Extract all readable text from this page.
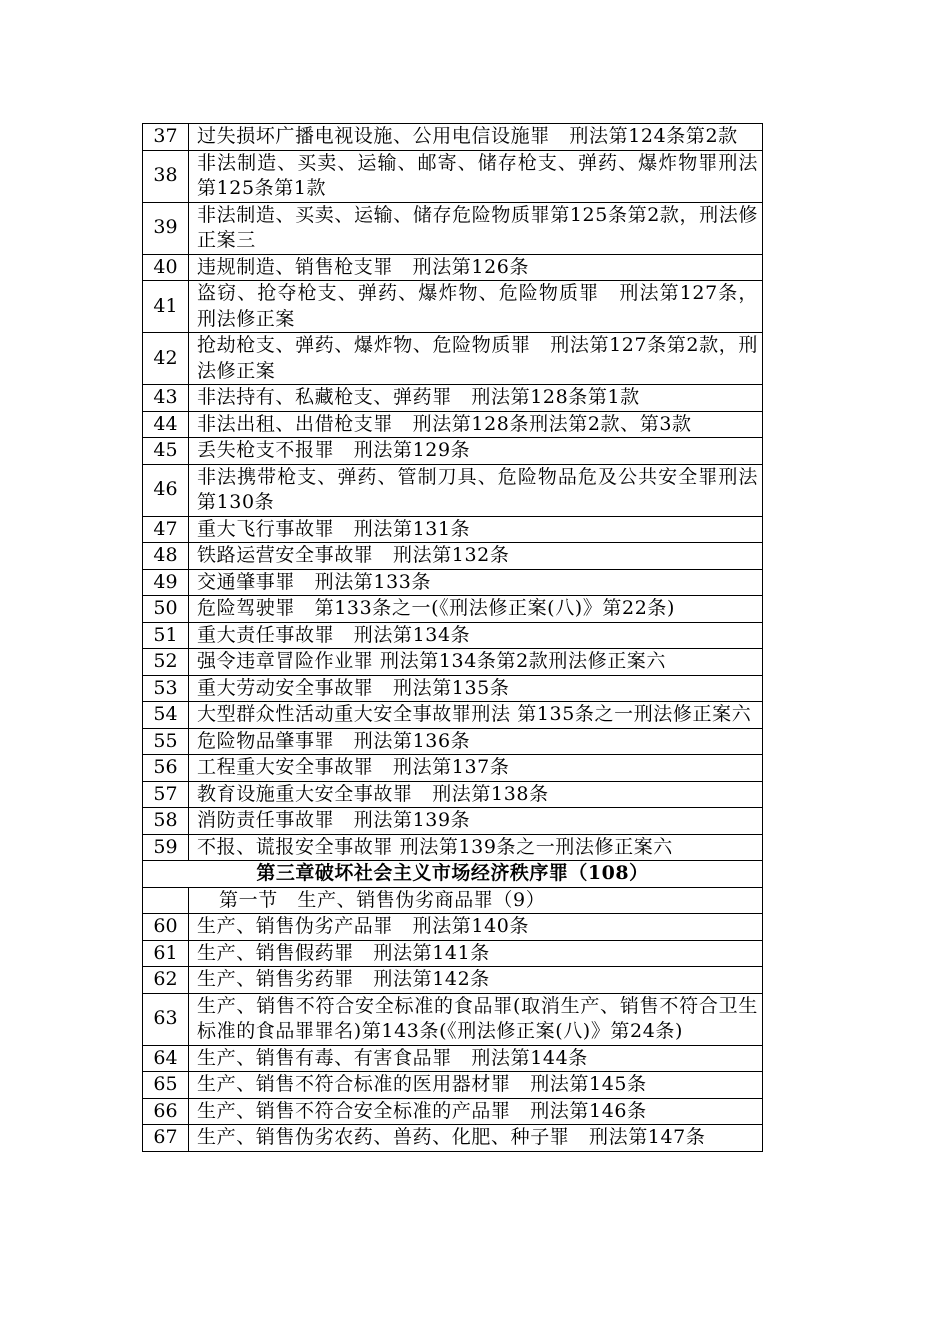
37	过失损坏广播电视设施、公用电信设施罪　刑法第124条第2款
38	非法制造、买卖、运输、邮寄、储存枪支、弹药、爆炸物罪刑法第125条第1款
39	非法制造、买卖、运输、储存危险物质罪第125条第2款，刑法修正案三
40	违规制造、销售枪支罪　刑法第126条
41	盗窃、抢夺枪支、弹药、爆炸物、危险物质罪　刑法第127条，刑法修正案
42	抢劫枪支、弹药、爆炸物、危险物质罪　刑法第127条第2款，刑法修正案
43	非法持有、私藏枪支、弹药罪　刑法第128条第1款
44	非法出租、出借枪支罪　刑法第128条刑法第2款、第3款
45	丢失枪支不报罪　刑法第129条
46	非法携带枪支、弹药、管制刀具、危险物品危及公共安全罪刑法第130条
47	重大飞行事故罪　刑法第131条
48	铁路运营安全事故罪　刑法第132条
49	交通肇事罪　刑法第133条
50	危险驾驶罪　第133条之一(《刑法修正案(八)》第22条)
51	重大责任事故罪　刑法第134条
52	强令违章冒险作业罪 刑法第134条第2款刑法修正案六
53	重大劳动安全事故罪　刑法第135条
54	大型群众性活动重大安全事故罪刑法 第135条之一刑法修正案六
55	危险物品肇事罪　刑法第136条
56	工程重大安全事故罪　刑法第137条
57	教育设施重大安全事故罪　刑法第138条
58	消防责任事故罪　刑法第139条
59	不报、谎报安全事故罪 刑法第139条之一刑法修正案六
第三章破坏社会主义市场经济秩序罪（108）	
	第一节　生产、销售伪劣商品罪（9）
60	生产、销售伪劣产品罪　刑法第140条
61	生产、销售假药罪　刑法第141条
62	生产、销售劣药罪　刑法第142条
63	生产、销售不符合安全标准的食品罪(取消生产、销售不符合卫生标准的食品罪罪名)第143条(《刑法修正案(八)》第24条)
64	生产、销售有毒、有害食品罪　刑法第144条
65	生产、销售不符合标准的医用器材罪　刑法第145条
66	生产、销售不符合安全标准的产品罪　刑法第146条
67	生产、销售伪劣农药、兽药、化肥、种子罪　刑法第147条
